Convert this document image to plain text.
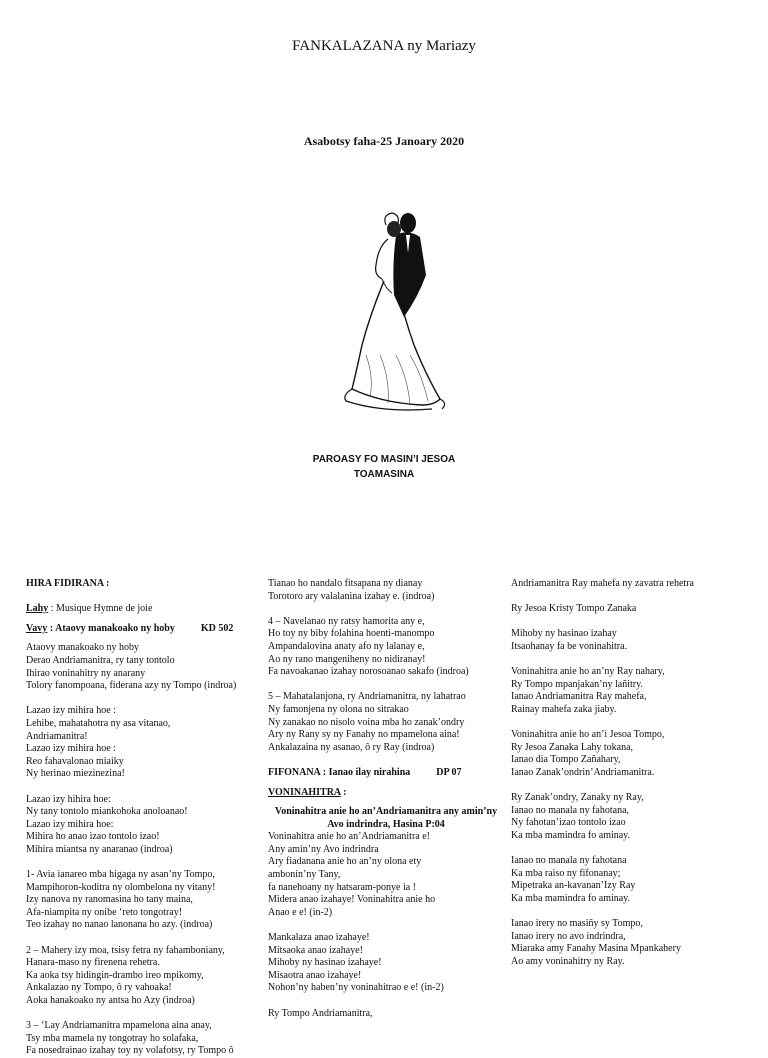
FANKALAZANA ny Mariazy
Asabotsy faha-25 Janoary 2020
PAROASY FO MASIN’I JESOA
TOAMASINA

HIRA FIDIRANA :

Lahy : Musique Hymne de joie

Vavy : Ataovy manakoako ny hoby	KD 502

Ataovy manakoako ny hoby

Derao Andriamanitra, ry tany tontolo

Ihirao voninahitry ny anarany

Tolory fanompoana, fiderana azy ny Tompo (indroa)

Lazao izy mihira hoe :

Lehibe, mahatahotra ny asa vitanao,

Andriamanitra!

Lazao izy mihira hoe :

Reo fahavalonao miaiky

Ny herinao miezinezina!

Lazao izy hihira hoe:

Ny tany tontolo miankohoka anoloanao!

Lazao izy mihira hoe:

Mihira ho anao izao tontolo izao!

Mihira miantsa ny anaranao (indroa)

1- Avia ianareo mba higaga ny asan’ny Tompo,

Mampihoron-koditra ny olombelona ny vitany!

Izy nanova ny ranomasina ho tany maina,

Afa-niampita ny onibe ‘reto tongotray!

Teo izahay no nanao lanonana ho azy. (indroa)

2 – Mahery izy moa, tsisy fetra ny fahamboniany,

Hanara-maso ny firenena rehetra.

Ka aoka tsy hidingin-drambo ireo mpikomy,

Ankalazao ny Tompo, ô ry vahoaka!

Aoka hanakoako ny antsa ho Azy (indroa)

3 – ‘Lay Andriamanitra mpamelona aina anay,

Tsy mba mamela ny tongotray ho solafaka,

Fa nosedrainao izahay toy ny volafotsy, ry Tompo ô

Tianao ho nandalo fitsapana ny dianay

Torotoro ary valalanina izahay e. (indroa)

4 – Navelanao ny ratsy hamorita any e,

Ho toy ny biby folahina hoenti-manompo

Ampandalovina anaty afo ny lalanay e,

Ao ny rano mangeniheny no nidiranay!

Fa navoakanao izahay norosoanao sakafo (indroa)

5 – Mahatalanjona, ry Andriamanitra, ny lahatrao

Ny famonjena ny olona no sitrakao

Ny zanakao no nisolo voina mba ho zanak’ondry

Ary ny Rany sy ny Fanahy no mpamelona aina!

Ankalazaina ny asanao, ô ry Ray (indroa)

FIFONANA : Ianao ilay nirahina	DP 07

VONINAHITRA :

Voninahitra anie ho an’Andriamanitra any amin’ny Avo indrindra, Hasina P:04

Voninahitra anie ho an’Andriamanitra e!

Any amin’ny Avo indrindra

Ary fiadanana anie ho an’ny olona ety

ambonin’ny Tany,

fa nanehoany ny hatsaram-ponye ia !

Midera anao izahaye! Voninahitra anie ho

Anao e e! (in-2)

Mankalaza anao izahaye!

Mitsaoka anao izahaye!

Mihoby ny hasinao izahaye!

Misaotra anao izahaye!

Nohon’ny haben’ny voninahitrao e e! (in-2)

Ry Tompo Andriamanitra,

Andriamanitra Ray mahefa ny zavatra rehetra

Ry Jesoa Kristy Tompo Zanaka

Mihoby ny hasinao izahay

Itsaohanay fa be voninahitra.

Voninahitra anie ho an’ny Ray nahary,

Ry Tompo mpanjakan’ny lañitry.

Ianao Andriamanitra Ray mahefa,

Rainay mahefa zaka jiaby.

Voninahitra anie ho an’i Jesoa Tompo,

Ry Jesoa Zanaka Lahy tokana,

Ianao dia Tompo Zañahary,

Ianao Zanak’ondrin’Andriamanitra.

Ry Zanak’ondry, Zanaky ny Ray,

Ianao no manala ny fahotana,

Ny fahotan’izao tontolo izao

Ka mba mamindra fo aminay.

Ianao no manala ny fahotana

Ka mba raiso ny fifonanay;

Mipetraka an-kavanan’Izy Ray

Ka mba mamindra fo aminay.

Ianao irery no masiñy sy Tompo,

Ianao irery no avo indrindra,

Miaraka amy Fanahy Masina Mpankahery

Ao amy voninahitry ny Ray.
